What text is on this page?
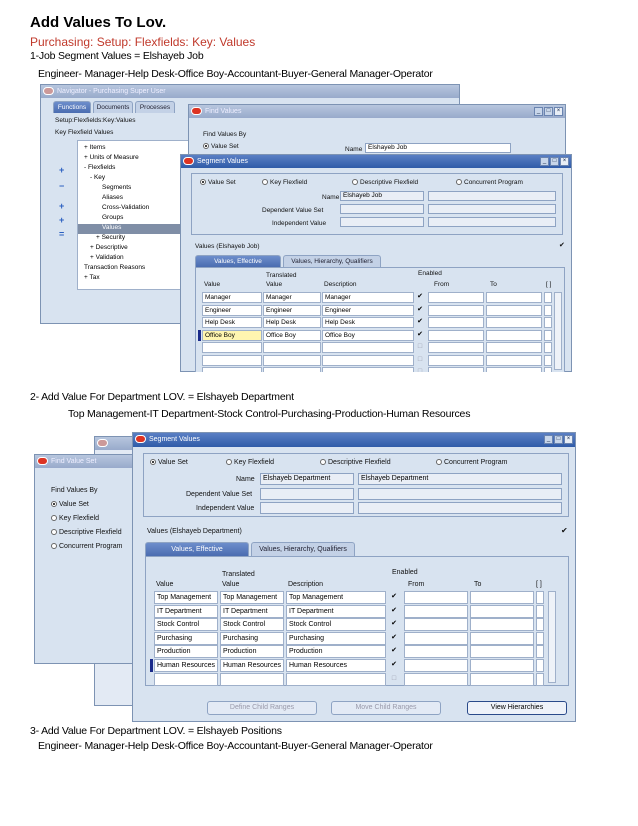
Add Values To Lov.
Purchasing: Setup: Flexfields: Key: Values
1-Job Segment Values = Elshayeb Job
Engineer- Manager-Help Desk-Office Boy-Accountant-Buyer-General Manager-Operator
Navigator - Purchasing Super User
Functions	Documents	Processes
Setup:Flexfields:Key:Values
Key Flexfield Values
+ Items
+ Units of Measure
- Flexfields
- Key
Segments
Aliases
Cross-Validation
Groups
Values
+ Security
+ Descriptive
+ Validation
Transaction Reasons
+ Tax
+
−
+
+
=
Find Values	_	□	×
Find Values By
Value Set	Name Elshayeb Job
Segment Values	_	□	×
Value Set	Key Flexfield	Descriptive Flexfield	Concurrent Program
Name Elshayeb Job
Dependent Value Set
Independent Value
Values (Elshayeb Job)	✔
Values, Effective	Values, Hierarchy, Qualifiers
Translated
Value	Value	Description
Enabled
From	To	[ ]
Manager	Manager	Manager	✔
Engineer	Engineer	Engineer	✔
Help Desk	Help Desk	Help Desk	✔
Office Boy	Office Boy	Office Boy	✔
□
□
□
2- Add Value For Department LOV. = Elshayeb Department
Top Management-IT Department-Stock Control-Purchasing-Production-Human Resources
Find Value Set
Find Values By
Value Set
Key Flexfield
Descriptive Flexfield
Concurrent Program
Segment Values	_	□	×
Value Set	Key Flexfield	Descriptive Flexfield	Concurrent Program
Name	Elshayeb Department	Elshayeb Department
Dependent Value Set
Independent Value
Values (Elshayeb Department)	✔
Values, Effective	Values, Hierarchy, Qualifiers
Translated
Value	Value	Description
Enabled
From	To	[ ]
Top Management	Top Management	Top Management	✔
IT Department	IT Department	IT Department	✔
Stock Control	Stock Control	Stock Control	✔
Purchasing	Purchasing	Purchasing	✔
Production	Production	Production	✔
Human Resources	Human Resources	Human Resources	✔
□
Define Child Ranges	Move Child Ranges	View Hierarchies
3- Add Value For Department LOV. = Elshayeb Positions
Engineer- Manager-Help Desk-Office Boy-Accountant-Buyer-General Manager-Operator
